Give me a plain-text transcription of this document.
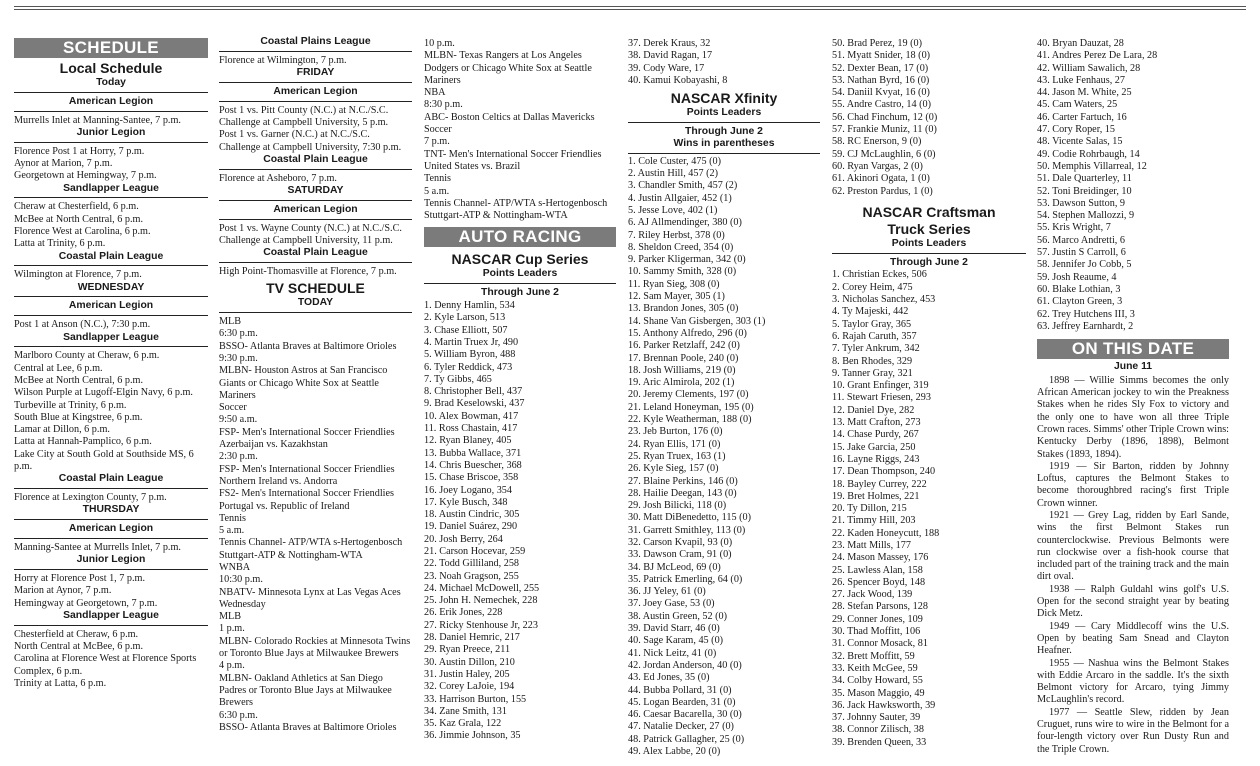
SCHEDULE
Local Schedule
Today
American Legion
Murrells Inlet at Manning-Santee, 7 p.m.
Junior Legion
Florence Post 1 at Horry, 7 p.m.
Aynor at Marion, 7 p.m.
Georgetown at Hemingway, 7 p.m.
Sandlapper League
Cheraw at Chesterfield, 6 p.m.
McBee at North Central, 6 p.m.
Florence West at Carolina, 6 p.m.
Latta at Trinity, 6 p.m.
Coastal Plain League
Wilmington at Florence, 7 p.m.
WEDNESDAY
American Legion
Post 1 at Anson (N.C.), 7:30 p.m.
Sandlapper League
Marlboro County at Cheraw, 6 p.m.
Central at Lee, 6 p.m.
McBee at North Central, 6 p.m.
Wilson Purple at Lugoff-Elgin Navy, 6 p.m.
Turbeville at Trinity, 6 p.m.
South Blue at Kingstree, 6 p.m.
Lamar at Dillon, 6 p.m.
Latta at Hannah-Pamplico, 6 p.m.
Lake City at South Gold at Southside MS, 6 p.m.
Coastal Plain League
Florence at Lexington County, 7 p.m.
THURSDAY
American Legion
Manning-Santee at Murrells Inlet, 7 p.m.
Junior Legion
Horry at Florence Post 1, 7 p.m.
Marion at Aynor, 7 p.m.
Hemingway at Georgetown, 7 p.m.
Sandlapper League
Chesterfield at Cheraw, 6 p.m.
North Central at McBee, 6 p.m.
Carolina at Florence West at Florence Sports Complex, 6 p.m.
Trinity at Latta, 6 p.m.
Coastal Plains League
Florence at Wilmington, 7 p.m.
FRIDAY
American Legion
Post 1 vs. Pitt County (N.C.) at N.C./S.C. Challenge at Campbell University, 5 p.m.
Post 1 vs. Garner (N.C.) at N.C./S.C. Challenge at Campbell University, 7:30 p.m.
Coastal Plain League
Florence at Asheboro, 7 p.m.
SATURDAY
American Legion
Post 1 vs. Wayne County (N.C.) at N.C./S.C. Challenge at Campbell University, 11 p.m.
Coastal Plain League
High Point-Thomasville at Florence, 7 p.m.
TV SCHEDULE
TODAY
MLB
6:30 p.m.
BSSO- Atlanta Braves at Baltimore Orioles
9:30 p.m.
MLBN- Houston Astros at San Francisco Giants or Chicago White Sox at Seattle Mariners
Soccer
9:50 a.m.
FSP- Men's International Soccer Friendlies Azerbaijan vs. Kazakhstan
2:30 p.m.
FSP- Men's International Soccer Friendlies Northern Ireland vs. Andorra
FS2- Men's International Soccer Friendlies Portugal vs. Republic of Ireland
Tennis
5 a.m.
Tennis Channel- ATP/WTA s-Hertogenbosch Stuttgart-ATP & Nottingham-WTA
WNBA
10:30 p.m.
NBATV- Minnesota Lynx at Las Vegas Aces
Wednesday
MLB
1 p.m.
MLBN- Colorado Rockies at Minnesota Twins or Toronto Blue Jays at Milwaukee Brewers
4 p.m.
MLBN- Oakland Athletics at San Diego Padres or Toronto Blue Jays at Milwaukee Brewers
6:30 p.m.
BSSO- Atlanta Braves at Baltimore Orioles
10 p.m.
MLBN- Texas Rangers at Los Angeles Dodgers or Chicago White Sox at Seattle Mariners
NBA
8:30 p.m.
ABC- Boston Celtics at Dallas Mavericks
Soccer
7 p.m.
TNT- Men's International Soccer Friendlies United States vs. Brazil
Tennis
5 a.m.
Tennis Channel- ATP/WTA s-Hertogenbosch Stuttgart-ATP & Nottingham-WTA
AUTO RACING
NASCAR Cup Series
Points Leaders
Through June 2
1. Denny Hamlin, 534
2. Kyle Larson, 513
3. Chase Elliott, 507
4. Martin Truex Jr, 490
5. William Byron, 488
6. Tyler Reddick, 473
7. Ty Gibbs, 465
8. Christopher Bell, 437
9. Brad Keselowski, 437
10. Alex Bowman, 417
11. Ross Chastain, 417
12. Ryan Blaney, 405
13. Bubba Wallace, 371
14. Chris Buescher, 368
15. Chase Briscoe, 358
16. Joey Logano, 354
17. Kyle Busch, 348
18. Austin Cindric, 305
19. Daniel Suárez, 290
20. Josh Berry, 264
21. Carson Hocevar, 259
22. Todd Gilliland, 258
23. Noah Gragson, 255
24. Michael McDowell, 255
25. John H. Nemechek, 228
26. Erik Jones, 228
27. Ricky Stenhouse Jr, 223
28. Daniel Hemric, 217
29. Ryan Preece, 211
30. Austin Dillon, 210
31. Justin Haley, 205
32. Corey LaJoie, 194
33. Harrison Burton, 155
34. Zane Smith, 131
35. Kaz Grala, 122
36. Jimmie Johnson, 35
37. Derek Kraus, 32
38. David Ragan, 17
39. Cody Ware, 17
40. Kamui Kobayashi, 8
NASCAR Xfinity
Points Leaders
Through June 2
Wins in parentheses
1. Cole Custer, 475 (0)
2. Austin Hill, 457 (2)
3. Chandler Smith, 457 (2)
4. Justin Allgaier, 452 (1)
5. Jesse Love, 402 (1)
6. AJ Allmendinger, 380 (0)
7. Riley Herbst, 378 (0)
8. Sheldon Creed, 354 (0)
9. Parker Kligerman, 342 (0)
10. Sammy Smith, 328 (0)
11. Ryan Sieg, 308 (0)
12. Sam Mayer, 305 (1)
13. Brandon Jones, 305 (0)
14. Shane Van Gisbergen, 303 (1)
15. Anthony Alfredo, 296 (0)
16. Parker Retzlaff, 242 (0)
17. Brennan Poole, 240 (0)
18. Josh Williams, 219 (0)
19. Aric Almirola, 202 (1)
20. Jeremy Clements, 197 (0)
21. Leland Honeyman, 195 (0)
22. Kyle Weatherman, 188 (0)
23. Jeb Burton, 176 (0)
24. Ryan Ellis, 171 (0)
25. Ryan Truex, 163 (1)
26. Kyle Sieg, 157 (0)
27. Blaine Perkins, 146 (0)
28. Hailie Deegan, 143 (0)
29. Josh Bilicki, 118 (0)
30. Matt DiBenedetto, 115 (0)
31. Garrett Smithley, 113 (0)
32. Carson Kvapil, 93 (0)
33. Dawson Cram, 91 (0)
34. BJ McLeod, 69 (0)
35. Patrick Emerling, 64 (0)
36. JJ Yeley, 61 (0)
37. Joey Gase, 53 (0)
38. Austin Green, 52 (0)
39. David Starr, 46 (0)
40. Sage Karam, 45 (0)
41. Nick Leitz, 41 (0)
42. Jordan Anderson, 40 (0)
43. Ed Jones, 35 (0)
44. Bubba Pollard, 31 (0)
45. Logan Bearden, 31 (0)
46. Caesar Bacarella, 30 (0)
47. Natalie Decker, 27 (0)
48. Patrick Gallagher, 25 (0)
49. Alex Labbe, 20 (0)
50. Brad Perez, 19 (0)
51. Myatt Snider, 18 (0)
52. Dexter Bean, 17 (0)
53. Nathan Byrd, 16 (0)
54. Daniil Kvyat, 16 (0)
55. Andre Castro, 14 (0)
56. Chad Finchum, 12 (0)
57. Frankie Muniz, 11 (0)
58. RC Enerson, 9 (0)
59. CJ McLaughlin, 6 (0)
60. Ryan Vargas, 2 (0)
61. Akinori Ogata, 1 (0)
62. Preston Pardus, 1 (0)
NASCAR Craftsman Truck Series
Points Leaders
Through June 2
1. Christian Eckes, 506
2. Corey Heim, 475
3. Nicholas Sanchez, 453
4. Ty Majeski, 442
5. Taylor Gray, 365
6. Rajah Caruth, 357
7. Tyler Ankrum, 342
8. Ben Rhodes, 329
9. Tanner Gray, 321
10. Grant Enfinger, 319
11. Stewart Friesen, 293
12. Daniel Dye, 282
13. Matt Crafton, 273
14. Chase Purdy, 267
15. Jake Garcia, 250
16. Layne Riggs, 243
17. Dean Thompson, 240
18. Bayley Currey, 222
19. Bret Holmes, 221
20. Ty Dillon, 215
21. Timmy Hill, 203
22. Kaden Honeycutt, 188
23. Matt Mills, 177
24. Mason Massey, 176
25. Lawless Alan, 158
26. Spencer Boyd, 148
27. Jack Wood, 139
28. Stefan Parsons, 128
29. Conner Jones, 109
30. Thad Moffitt, 106
31. Connor Mosack, 81
32. Brett Moffitt, 59
33. Keith McGee, 59
34. Colby Howard, 55
35. Mason Maggio, 49
36. Jack Hawksworth, 39
37. Johnny Sauter, 39
38. Connor Zilisch, 38
39. Brenden Queen, 33
40. Bryan Dauzat, 28
41. Andres Perez De Lara, 28
42. William Sawalich, 28
43. Luke Fenhaus, 27
44. Jason M. White, 25
45. Cam Waters, 25
46. Carter Fartuch, 16
47. Cory Roper, 15
48. Vicente Salas, 15
49. Codie Rohrbaugh, 14
50. Memphis Villarreal, 12
51. Dale Quarterley, 11
52. Toni Breidinger, 10
53. Dawson Sutton, 9
54. Stephen Mallozzi, 9
55. Kris Wright, 7
56. Marco Andretti, 6
57. Justin S Carroll, 6
58. Jennifer Jo Cobb, 5
59. Josh Reaume, 4
60. Blake Lothian, 3
61. Clayton Green, 3
62. Trey Hutchens III, 3
63. Jeffrey Earnhardt, 2
ON THIS DATE
June 11
1898 — Willie Simms becomes the only African American jockey to win the Preakness Stakes when he rides Sly Fox to victory and the only one to have won all three Triple Crown races. Simms' other Triple Crown wins: Kentucky Derby (1896, 1898), Belmont Stakes (1893, 1894).
1919 — Sir Barton, ridden by Johnny Loftus, captures the Belmont Stakes to become thoroughbred racing's first Triple Crown winner.
1921 — Grey Lag, ridden by Earl Sande, wins the first Belmont Stakes run counterclockwise. Previous Belmonts were run clockwise over a fish-hook course that included part of the training track and the main dirt oval.
1938 — Ralph Guldahl wins golf's U.S. Open for the second straight year by beating Dick Metz.
1949 — Cary Middlecoff wins the U.S. Open by beating Sam Snead and Clayton Heafner.
1955 — Nashua wins the Belmont Stakes with Eddie Arcaro in the saddle. It's the sixth Belmont victory for Arcaro, tying Jimmy McLaughlin's record.
1977 — Seattle Slew, ridden by Jean Cruguet, runs wire to wire in the Belmont for a four-length victory over Run Dusty Run and the Triple Crown.
